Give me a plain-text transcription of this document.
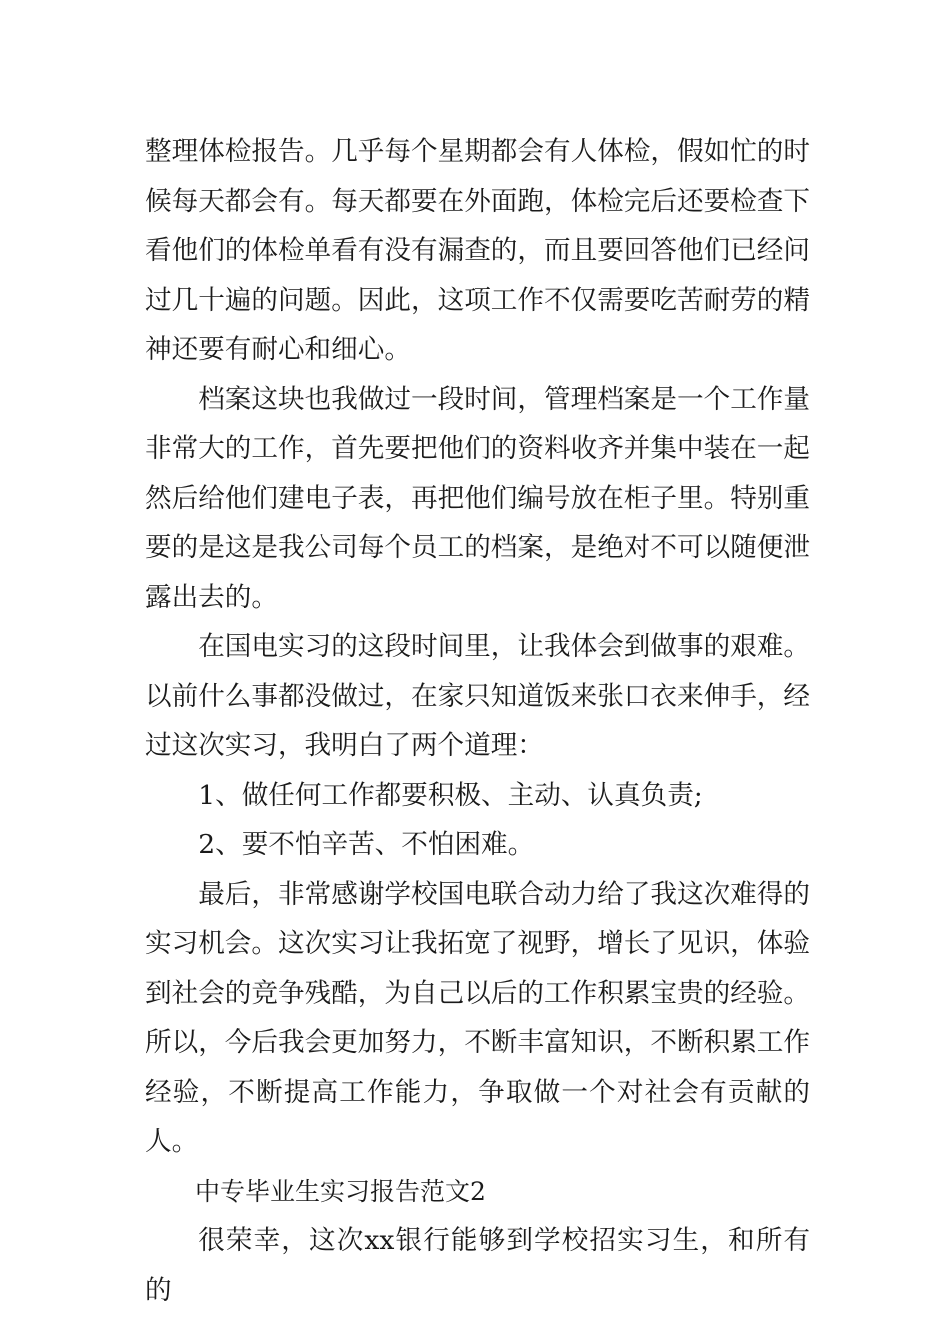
整理体检报告。几乎每个星期都会有人体检，假如忙的时候每天都会有。每天都要在外面跑，体检完后还要检查下看他们的体检单看有没有漏查的，而且要回答他们已经问过几十遍的问题。因此，这项工作不仅需要吃苦耐劳的精神还要有耐心和细心。

档案这块也我做过一段时间，管理档案是一个工作量非常大的工作，首先要把他们的资料收齐并集中装在一起然后给他们建电子表，再把他们编号放在柜子里。特别重要的是这是我公司每个员工的档案，是绝对不可以随便泄露出去的。

在国电实习的这段时间里，让我体会到做事的艰难。以前什么事都没做过，在家只知道饭来张口衣来伸手，经过这次实习，我明白了两个道理：

1、做任何工作都要积极、主动、认真负责;

2、要不怕辛苦、不怕困难。

最后，非常感谢学校国电联合动力给了我这次难得的实习机会。这次实习让我拓宽了视野，增长了见识，体验到社会的竞争残酷，为自己以后的工作积累宝贵的经验。所以，今后我会更加努力，不断丰富知识，不断积累工作经验，不断提高工作能力，争取做一个对社会有贡献的人。

中专毕业生实习报告范文2

很荣幸，这次xx银行能够到学校招实习生，和所有的
